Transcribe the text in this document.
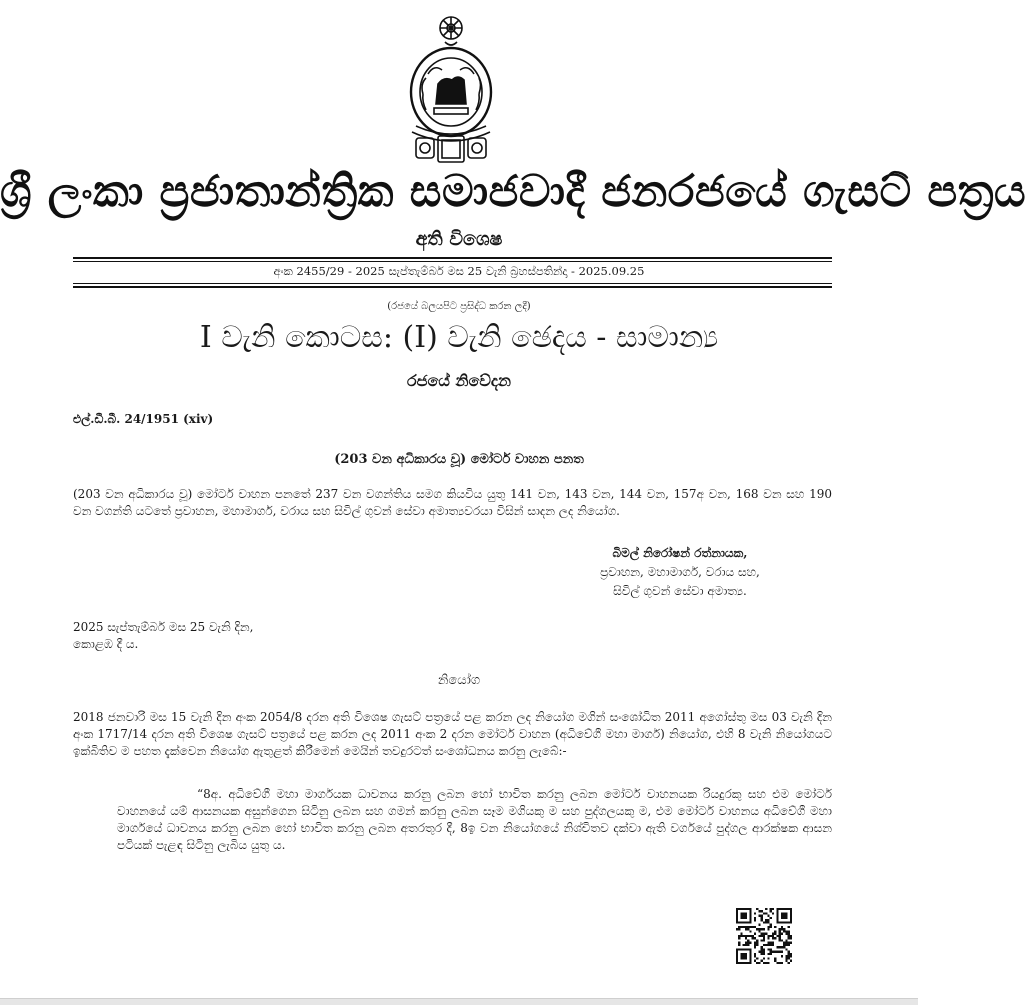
ශ්‍රී ලංකා ප්‍රජාතාන්ත්‍රික සමාජවාදී ජනරජයේ ගැසට් පත්‍රය
අති විශෙෂ
අංක 2455/29 - 2025 සැප්තැම්බර් මස 25 වැනි බ්‍රහස්පතින්දා - 2025.09.25
(රජයේ බලයපිට ප්‍රසිද්ධ කරන ලදී)
I වැනි කොටස: (I) වැනි ඡෙදය - සාමාන්‍ය
රජයේ නිවේදන
එල්.ඩී.බී. 24/1951 (xiv)
(203 වන අධිකාරය වූ) මෝටර් වාහන පනත
(203 වන අධිකාරය වූ) මෝටර් වාහන පනතේ 237 වන වගන්තිය සමග කියවිය යුතු 141 වන, 143 වන, 144 වන, 157අ වන, 168 වන සහ 190 වන වගන්ති යටතේ ප්‍රවාහන, මහාමාර්ග, වරාය සහ සිවිල් ගුවන් සේවා අමාත්‍යවරයා විසින් සාදන ලද නියෝග.
බිමල් නිරෝෂන් රත්නායක,
ප්‍රවාහන, මහාමාර්ග, වරාය සහ,
සිවිල් ගුවන් සේවා අමාත්‍ය.
2025 සැප්තැම්බර් මස 25 වැනි දින,
කොළඹ දී ය.
නියෝග
2018 ජනවාරි මස 15 වැනි දින අංක 2054/8 දරන අති විශෙෂ ගැසට් පත්‍රයේ පළ කරන ලද නියෝග මගින් සංශෝධිත 2011 අගෝස්තු මස 03 වැනි දින අංක 1717/14 දරන අති විශෙෂ ගැසට් පත්‍රයේ පළ කරන ලද 2011 අංක 2 දරන මෝටර් වාහන (අධිවේගී මහා මාර්ග) නියෝග, එහි 8 වැනි නියෝගයට ඉක්බිතිව ම පහත දැක්වෙන නියෝග ඇතුළත් කිරීමෙන් මෙයින් තවදුරටත් සංශෝධනය කරනු ලැබේ:-
“8අ. අධිවේගී මහා මාර්ගයක ධාවනය කරනු ලබන හෝ භාවිත කරනු ලබන මෝටර් වාහනයක රියදුරකු සහ එම මෝටර් වාහනයේ යම් ආසනයක අසුන්ගෙන සිටිනු ලබන සහ ගමන් කරනු ලබන සෑම මගියකු ම සහ පුද්ගලයකු ම, එම මෝටර් වාහනය අධිවේගී මහා මාර්ගයේ ධාවනය කරනු ලබන හෝ භාවිත කරනු ලබන අතරතුර දී, 8ඉ වන නියෝගයේ නිශ්චිතව දක්වා ඇති වර්ගයේ පුද්ගල ආරක්ෂක ආසන පටියක් පැළඳ සිටිනු ලැබිය යුතු ය.
